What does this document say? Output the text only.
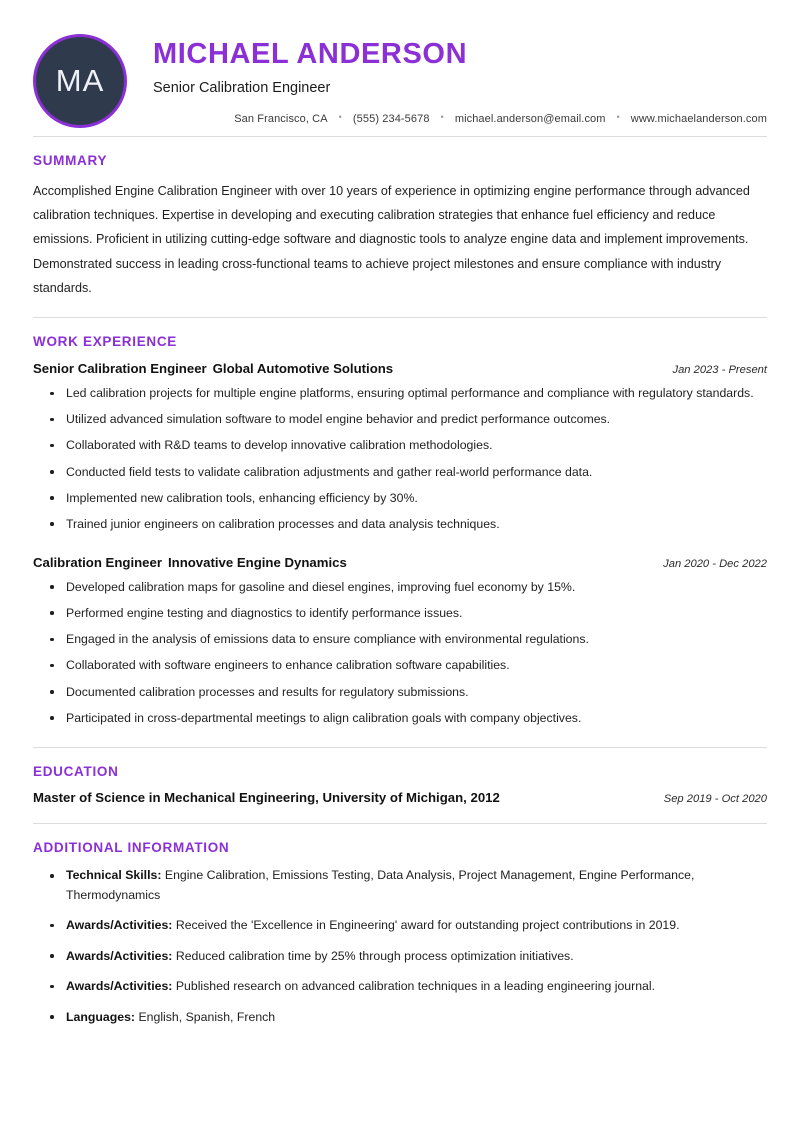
MA
MICHAEL ANDERSON
Senior Calibration Engineer
San Francisco, CA	•	(555) 234-5678	•	michael.anderson@email.com	•	www.michaelanderson.com
SUMMARY

Accomplished Engine Calibration Engineer with over 10 years of experience in optimizing engine performance through advanced calibration techniques. Expertise in developing and executing calibration strategies that enhance fuel efficiency and reduce emissions. Proficient in utilizing cutting-edge software and diagnostic tools to analyze engine data and implement improvements. Demonstrated success in leading cross-functional teams to achieve project milestones and ensure compliance with industry standards.

WORK EXPERIENCE
Senior Calibration Engineer Global Automotive Solutions	Jan 2023 - Present
Led calibration projects for multiple engine platforms, ensuring optimal performance and compliance with regulatory standards.
Utilized advanced simulation software to model engine behavior and predict performance outcomes.
Collaborated with R&D teams to develop innovative calibration methodologies.
Conducted field tests to validate calibration adjustments and gather real-world performance data.
Implemented new calibration tools, enhancing efficiency by 30%.
Trained junior engineers on calibration processes and data analysis techniques.
Calibration Engineer Innovative Engine Dynamics	Jan 2020 - Dec 2022
Developed calibration maps for gasoline and diesel engines, improving fuel economy by 15%.
Performed engine testing and diagnostics to identify performance issues.
Engaged in the analysis of emissions data to ensure compliance with environmental regulations.
Collaborated with software engineers to enhance calibration software capabilities.
Documented calibration processes and results for regulatory submissions.
Participated in cross-departmental meetings to align calibration goals with company objectives.
EDUCATION
Master of Science in Mechanical Engineering, University of Michigan, 2012	Sep 2019 - Oct 2020
ADDITIONAL INFORMATION
Technical Skills: Engine Calibration, Emissions Testing, Data Analysis, Project Management, Engine Performance, Thermodynamics
Awards/Activities: Received the 'Excellence in Engineering' award for outstanding project contributions in 2019.
Awards/Activities: Reduced calibration time by 25% through process optimization initiatives.
Awards/Activities: Published research on advanced calibration techniques in a leading engineering journal.
Languages: English, Spanish, French
